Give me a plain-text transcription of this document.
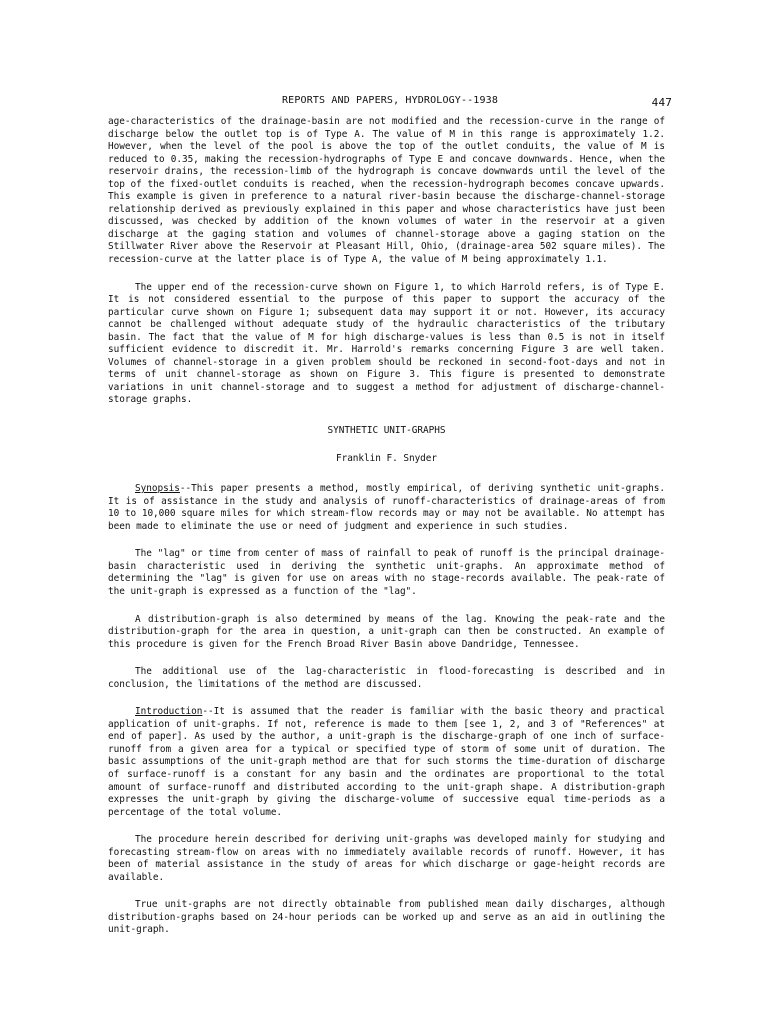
REPORTS AND PAPERS, HYDROLOGY--1938	447

age-characteristics of the drainage-basin are not modified and the recession-curve in the range of discharge below the outlet top is of Type A. The value of M in this range is approximately 1.2. However, when the level of the pool is above the top of the outlet conduits, the value of M is reduced to 0.35, making the recession-hydrographs of Type E and concave downwards. Hence, when the reservoir drains, the recession-limb of the hydrograph is concave downwards until the level of the top of the fixed-outlet conduits is reached, when the recession-hydrograph becomes concave upwards. This example is given in preference to a natural river-basin because the discharge-channel-storage relationship derived as previously explained in this paper and whose characteristics have just been discussed, was checked by addition of the known volumes of water in the reservoir at a given discharge at the gaging station and volumes of channel-storage above a gaging station on the Stillwater River above the Reservoir at Pleasant Hill, Ohio, (drainage-area 502 square miles). The recession-curve at the latter place is of Type A, the value of M being approximately 1.1.

The upper end of the recession-curve shown on Figure 1, to which Harrold refers, is of Type E. It is not considered essential to the purpose of this paper to support the accuracy of the particular curve shown on Figure 1; subsequent data may support it or not. However, its accuracy cannot be challenged without adequate study of the hydraulic characteristics of the tributary basin. The fact that the value of M for high discharge-values is less than 0.5 is not in itself sufficient evidence to discredit it. Mr. Harrold's remarks concerning Figure 3 are well taken. Volumes of channel-storage in a given problem should be reckoned in second-foot-days and not in terms of unit channel-storage as shown on Figure 3. This figure is presented to demonstrate variations in unit channel-storage and to suggest a method for adjustment of discharge-channel-storage graphs.

SYNTHETIC UNIT-GRAPHS
Franklin F. Snyder

Synopsis--This paper presents a method, mostly empirical, of deriving synthetic unit-graphs. It is of assistance in the study and analysis of runoff-characteristics of drainage-areas of from 10 to 10,000 square miles for which stream-flow records may or may not be available. No attempt has been made to eliminate the use or need of judgment and experience in such studies.

The "lag" or time from center of mass of rainfall to peak of runoff is the principal drainage-basin characteristic used in deriving the synthetic unit-graphs. An approximate method of determining the "lag" is given for use on areas with no stage-records available. The peak-rate of the unit-graph is expressed as a function of the "lag".

A distribution-graph is also determined by means of the lag. Knowing the peak-rate and the distribution-graph for the area in question, a unit-graph can then be constructed. An example of this procedure is given for the French Broad River Basin above Dandridge, Tennessee.

The additional use of the lag-characteristic in flood-forecasting is described and in conclusion, the limitations of the method are discussed.

Introduction--It is assumed that the reader is familiar with the basic theory and practical application of unit-graphs. If not, reference is made to them [see 1, 2, and 3 of "References" at end of paper]. As used by the author, a unit-graph is the discharge-graph of one inch of surface-runoff from a given area for a typical or specified type of storm of some unit of duration. The basic assumptions of the unit-graph method are that for such storms the time-duration of discharge of surface-runoff is a constant for any basin and the ordinates are proportional to the total amount of surface-runoff and distributed according to the unit-graph shape. A distribution-graph expresses the unit-graph by giving the discharge-volume of successive equal time-periods as a percentage of the total volume.

The procedure herein described for deriving unit-graphs was developed mainly for studying and forecasting stream-flow on areas with no immediately available records of runoff. However, it has been of material assistance in the study of areas for which discharge or gage-height records are available.

True unit-graphs are not directly obtainable from published mean daily discharges, although distribution-graphs based on 24-hour periods can be worked up and serve as an aid in outlining the unit-graph.
